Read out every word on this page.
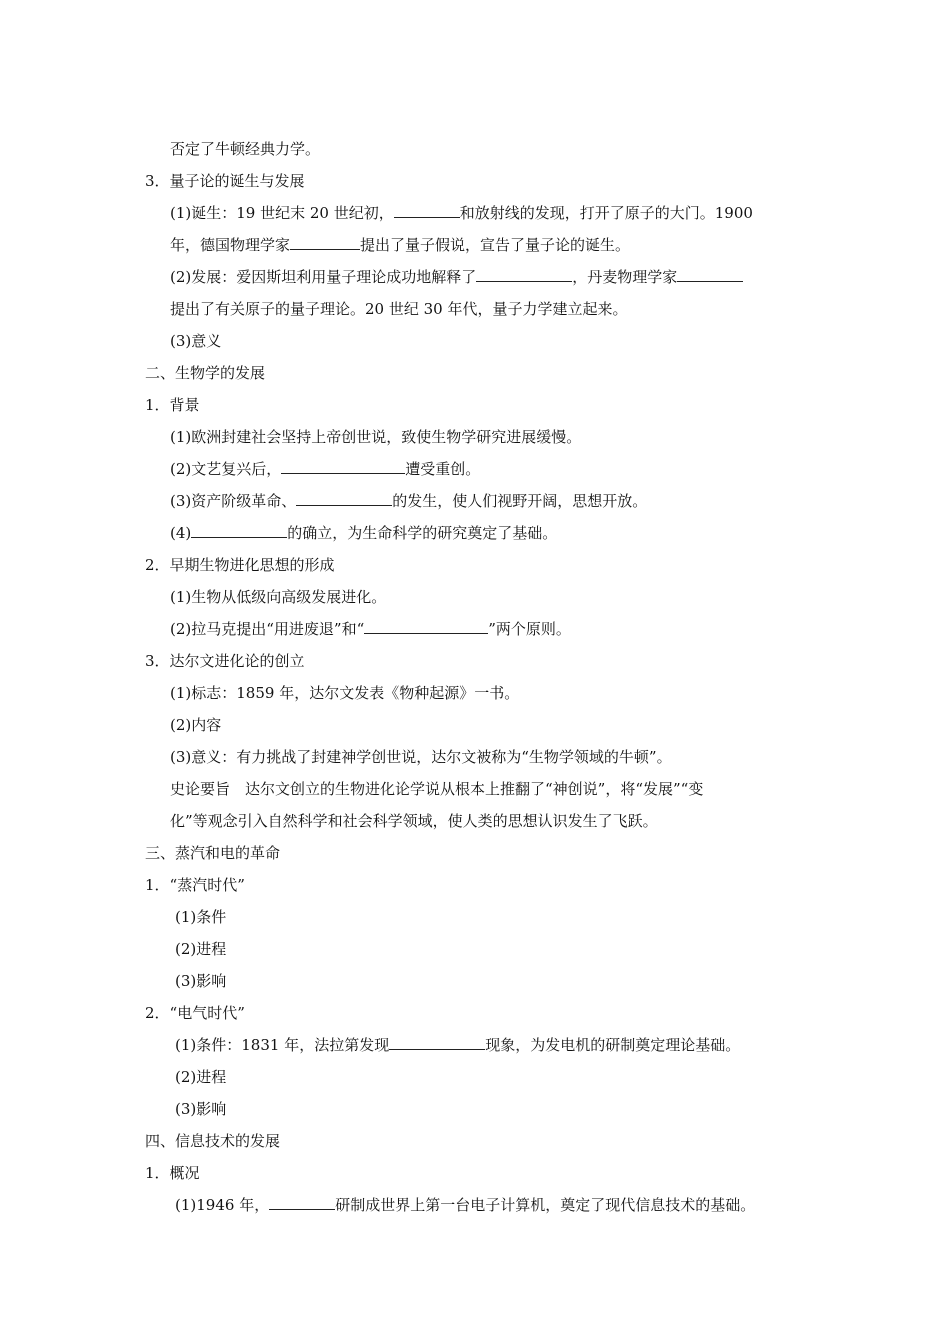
否定了牛顿经典力学。
3．量子论的诞生与发展
(1)诞生：19 世纪末 20 世纪初，	和放射线的发现，打开了原子的大门。1900
年，德国物理学家	提出了量子假说，宣告了量子论的诞生。
(2)发展：爱因斯坦利用量子理论成功地解释了	，丹麦物理学家
提出了有关原子的量子理论。20 世纪 30 年代，量子力学建立起来。
(3)意义
二、生物学的发展
1．背景
(1)欧洲封建社会坚持上帝创世说，致使生物学研究进展缓慢。
(2)文艺复兴后，	遭受重创。
(3)资产阶级革命、	的发生，使人们视野开阔，思想开放。
(4)	的确立，为生命科学的研究奠定了基础。
2．早期生物进化思想的形成
(1)生物从低级向高级发展进化。
(2)拉马克提出“用进废退”和“	”两个原则。
3．达尔文进化论的创立
(1)标志：1859 年，达尔文发表《物种起源》一书。
(2)内容
(3)意义：有力挑战了封建神学创世说，达尔文被称为“生物学领域的牛顿”。
史论要旨　达尔文创立的生物进化论学说从根本上推翻了“神创说”，将“发展”“变
化”等观念引入自然科学和社会科学领域，使人类的思想认识发生了飞跃。
三、蒸汽和电的革命
1．“蒸汽时代”
(1)条件
(2)进程
(3)影响
2．“电气时代”
(1)条件：1831 年，法拉第发现	现象，为发电机的研制奠定理论基础。
(2)进程
(3)影响
四、信息技术的发展
1．概况
(1)1946 年，	研制成世界上第一台电子计算机，奠定了现代信息技术的基础。
